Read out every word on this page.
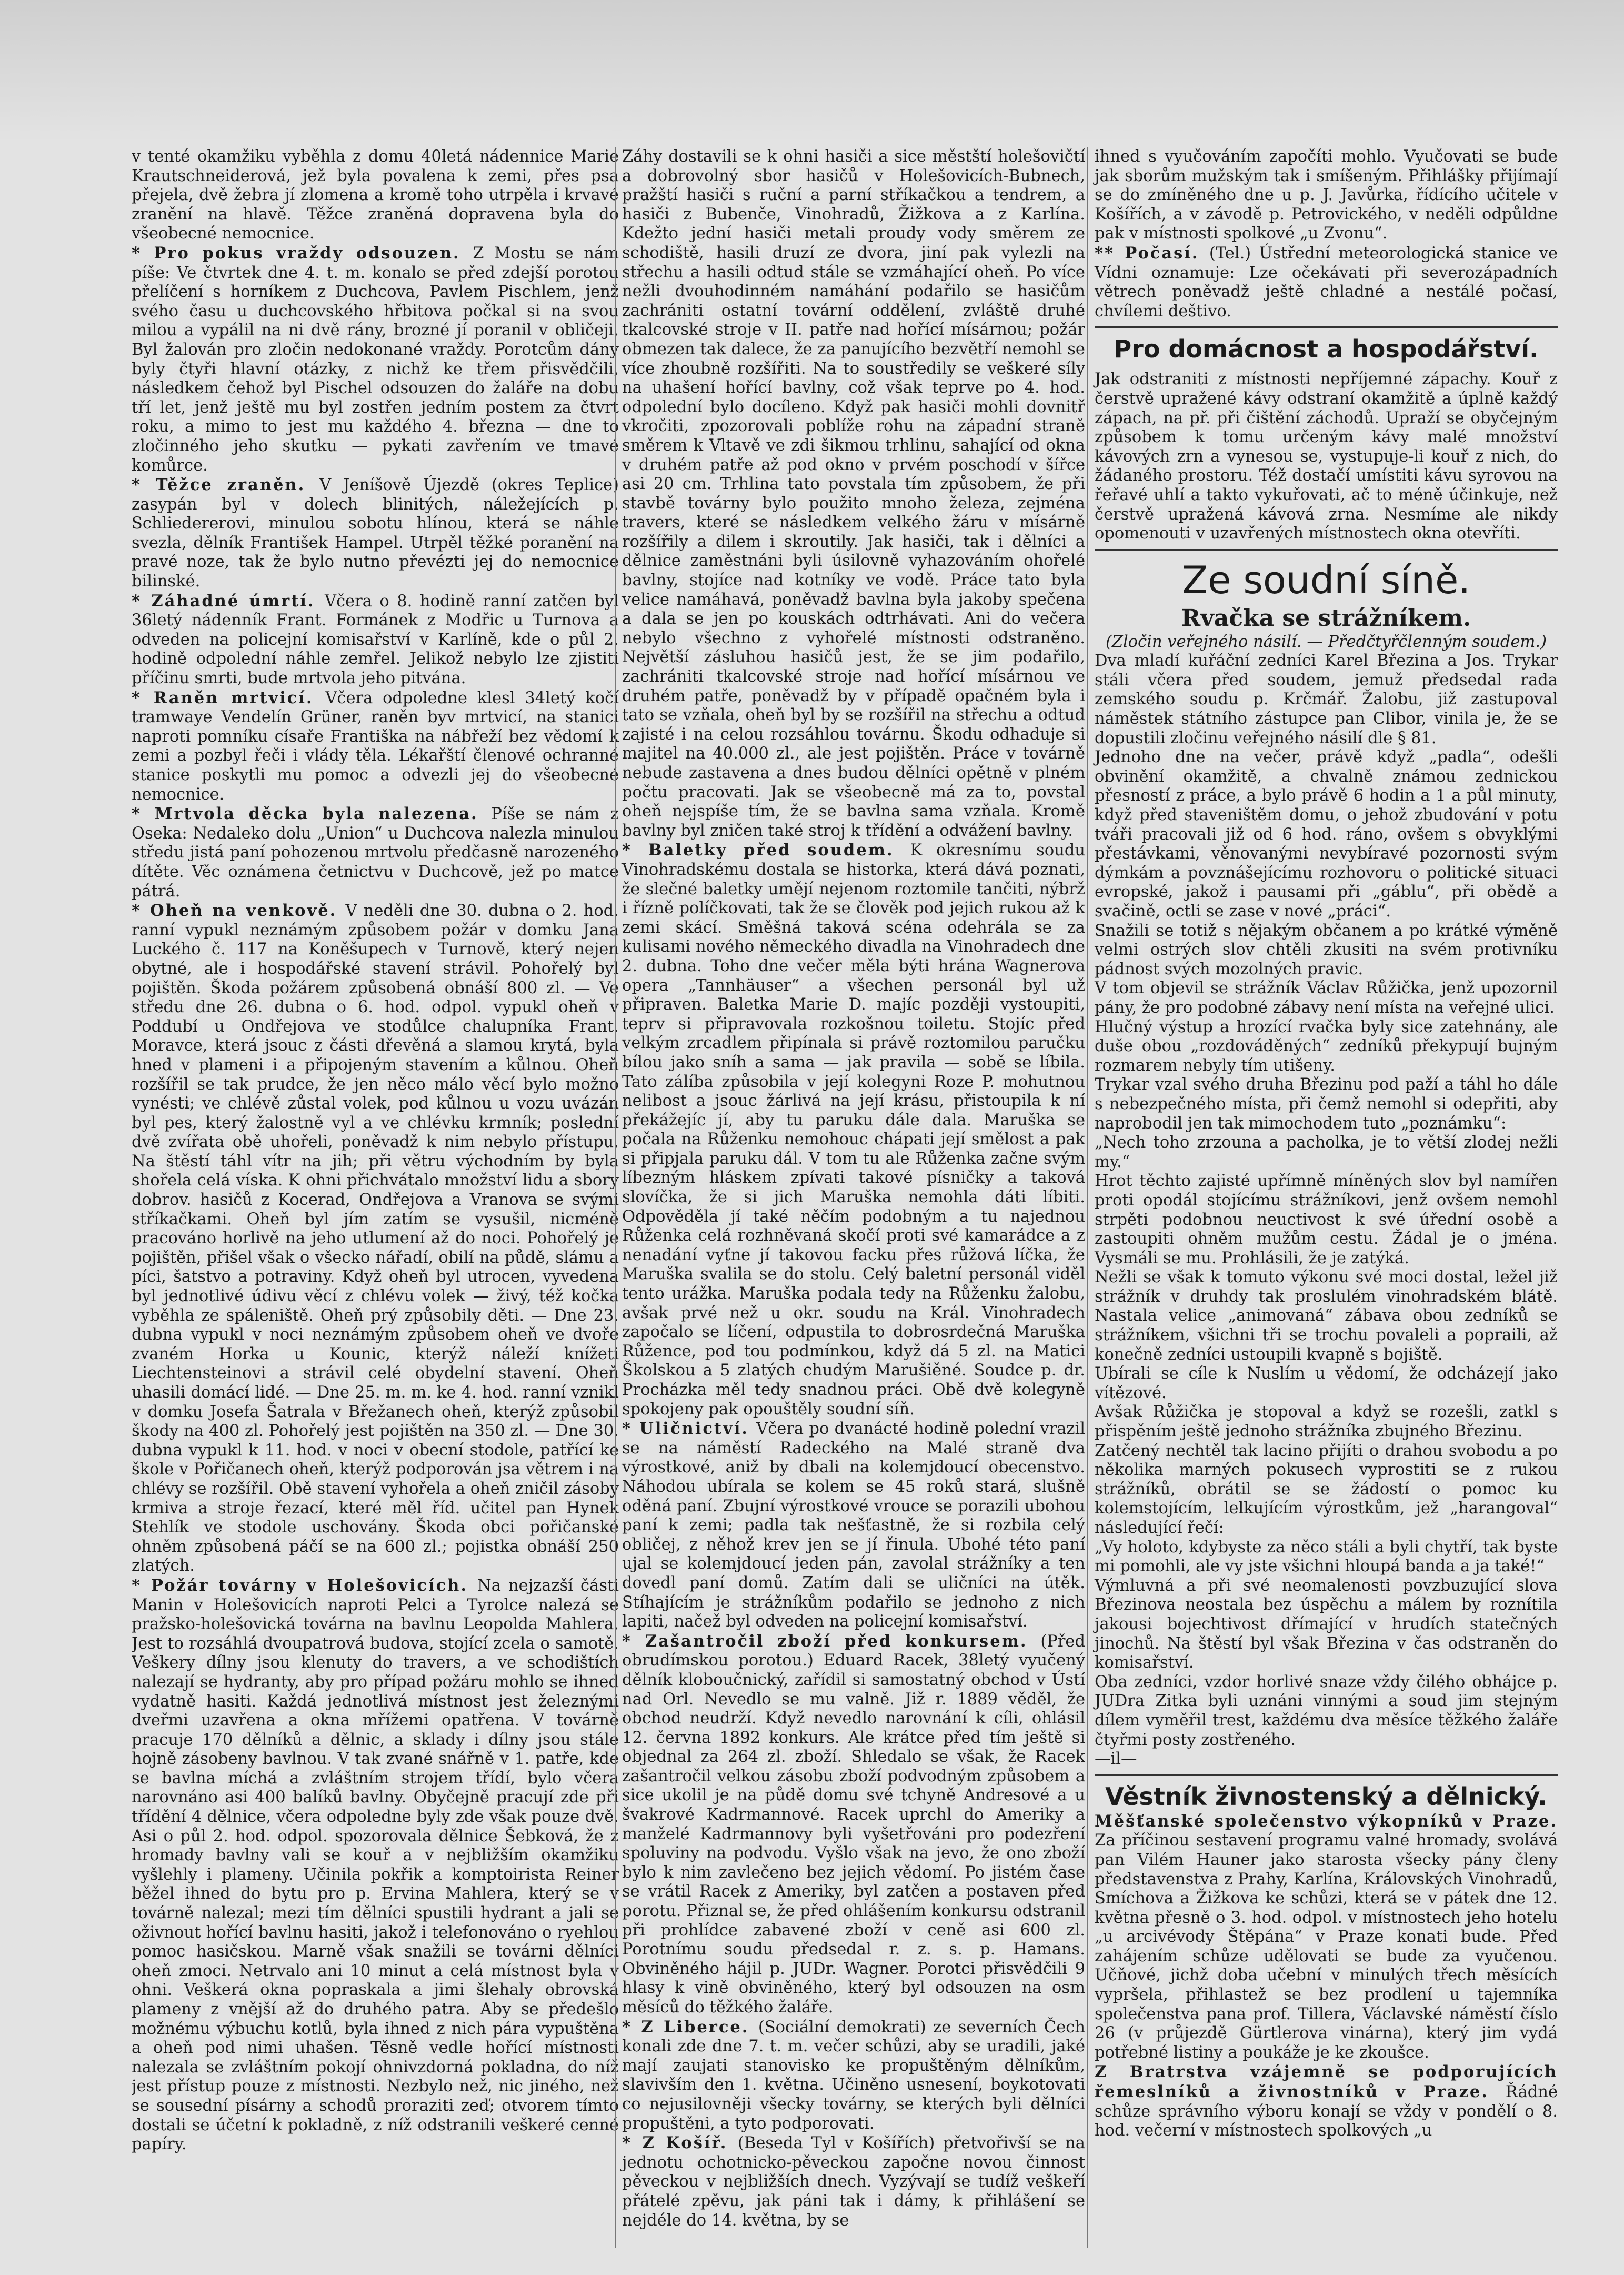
v tenté okamžiku vyběhla z domu 40letá nádennice Marie Krautschneiderová, jež byla povalena k zemi, přes psa přejela, dvě žebra jí zlomena a kromě toho utrpěla i krvavé zranění na hlavě. Těžce zraněná dopravena byla do všeobecné nemocnice.

* Pro pokus vraždy odsouzen. Z Mostu se nám píše: Ve čtvrtek dne 4. t. m. konalo se před zdejší porotou přelíčení s horníkem z Duchcova, Pavlem Pischlem, jenž svého času u duchcovského hřbitova počkal si na svou milou a vypálil na ni dvě rány, brozné jí poranil v obličeji. Byl žalován pro zločin nedokonané vraždy. Porotcům dány byly čtyři hlavní otázky, z nichž ke třem přisvědčili, následkem čehož byl Pischel odsouzen do žaláře na dobu tří let, jenž ještě mu byl zostřen jedním postem za čtvrt roku, a mimo to jest mu každého 4. března — dne to zločinného jeho skutku — pykati zavřením ve tmavé komůrce.

* Těžce zraněn. V Jeníšově Újezdě (okres Teplice) zasypán byl v dolech blinitých, náležejících p. Schliedererovi, minulou sobotu hlínou, která se náhle svezla, dělník František Hampel. Utrpěl těžké poranění na pravé noze, tak že bylo nutno převézti jej do nemocnice bilinské.

* Záhadné úmrtí. Včera o 8. hodině ranní zatčen byl 36letý nádenník Frant. Formánek z Modřic u Turnova a odveden na policejní komisařství v Karlíně, kde o půl 2. hodině odpolední náhle zemřel. Jelikož nebylo lze zjistiti příčinu smrti, bude mrtvola jeho pitvána.

* Raněn mrtvicí. Včera odpoledne klesl 34letý kočí tramwaye Vendelín Grüner, raněn byv mrtvicí, na stanici naproti pomníku císaře Františka na nábřeží bez vědomí k zemi a pozbyl řeči i vlády těla. Lékařští členové ochranné stanice poskytli mu pomoc a odvezli jej do všeobecné nemocnice.

* Mrtvola děcka byla nalezena. Píše se nám z Oseka: Nedaleko dolu „Union“ u Duchcova nalezla minulou středu jistá paní pohozenou mrtvolu předčasně narozeného dítěte. Věc oznámena četnictvu v Duchcově, jež po matce pátrá.

* Oheň na venkově. V neděli dne 30. dubna o 2. hod. ranní vypukl neznámým způsobem požár v domku Jana Luckého č. 117 na Koněšupech v Turnově, který nejen obytné, ale i hospodářské stavení strávil. Pohořelý byl pojištěn. Škoda požárem způsobená obnáší 800 zl. — Ve středu dne 26. dubna o 6. hod. odpol. vypukl oheň v Poddubí u Ondřejova ve stodůlce chalupníka Frant. Moravce, která jsouc z části dřevěná a slamou krytá, byla hned v plameni i a připojeným stavením a kůlnou. Oheň rozšířil se tak prudce, že jen něco málo věcí bylo možno vynésti; ve chlévě zůstal volek, pod kůlnou u vozu uvázán byl pes, který žalostně vyl a ve chlévku krmník; poslední dvě zvířata obě uhořeli, poněvadž k nim nebylo přístupu. Na štěstí táhl vítr na jih; při větru východním by byla shořela celá víska. K ohni přichvátalo množství lidu a sbory dobrov. hasičů z Kocerad, Ondřejova a Vranova se svými stříkačkami. Oheň byl jím zatím se vysušil, nicméně pracováno horlivě na jeho utlumení až do noci. Pohořelý je pojištěn, přišel však o všecko nářadí, obilí na půdě, slámu a píci, šatstvo a potraviny. Když oheň byl utrocen, vyvedena byl jednotlivé údivu věcí z chlévu volek — živý, též kočka vyběhla ze spáleniště. Oheň prý způsobily děti. — Dne 23. dubna vypukl v noci neznámým způsobem oheň ve dvoře zvaném Horka u Kounic, kterýž náleží knížeti Liechtensteinovi a strávil celé obydelní stavení. Oheň uhasili domácí lidé. — Dne 25. m. m. ke 4. hod. ranní vznikl v domku Josefa Šatrala v Břežanech oheň, kterýž způsobil škody na 400 zl. Pohořelý jest pojištěn na 350 zl. — Dne 30. dubna vypukl k 11. hod. v noci v obecní stodole, patřící ke škole v Pořičanech oheň, kterýž podporován jsa větrem i na chlévy se rozšířil. Obě stavení vyhořela a oheň zničil zásoby krmiva a stroje řezací, které měl říd. učitel pan Hynek Stehlík ve stodole uschovány. Škoda obci pořičanské ohněm způsobená páčí se na 600 zl.; pojistka obnáší 250 zlatých.

* Požár továrny v Holešovicích. Na nejzazší části Manin v Holešovicích naproti Pelci a Tyrolce nalezá se pražsko-holešovická továrna na bavlnu Leopolda Mahlera. Jest to rozsáhlá dvoupatrová budova, stojící zcela o samotě. Veškery dílny jsou klenuty do travers, a ve schodištích nalezají se hydranty, aby pro případ požáru mohlo se ihned vydatně hasiti. Každá jednotlivá místnost jest železnými dveřmi uzavřena a okna mřížemi opatřena. V továrně pracuje 170 dělníků a dělnic, a sklady i dílny jsou stále hojně zásobeny bavlnou. V tak zvané snářně v 1. patře, kde se bavlna míchá a zvláštním strojem třídí, bylo včera narovnáno asi 400 balíků bavlny. Obyčejně pracují zde při třídění 4 dělnice, včera odpoledne byly zde však pouze dvě. Asi o půl 2. hod. odpol. spozorovala dělnice Šebková, že z hromady bavlny vali se kouř a v nejbližším okamžiku vyšlehly i plameny. Učinila pokřik a komptoiristа Reiner běžel ihned do bytu pro p. Ervina Mahlera, který se v továrně nalezal; mezi tím dělníci spustili hydrant a jali se oživnout hořící bavlnu hasiti, jakož i telefonováno o ryehlou pomoc hasičskou. Marně však snažili se továrni dělníci oheň zmoci. Netrvalo ani 10 minut a celá místnost byla v ohni. Veškerá okna popraskala a jimi šlehaly obrovská plameny z vnější až do druhého patra. Aby se předešlo možnému výbuchu kotlů, byla ihned z nich pára vypuštěna a oheň pod nimi uhašen. Těsně vedle hořící místnosti nalezala se zvláštním pokojí ohnivzdorná pokladna, do níž jest přístup pouze z místnosti. Nezbylo než, nic jiného, než se sousední písárny a schodů proraziti zeď; otvorem tímto dostali se účetní k pokladně, z níž odstranili veškeré cenné papíry.

Záhy dostavili se k ohni hasiči a sice městští holešovičtí a dobrovolný sbor hasičů v Holešovicích-Bubnech, pražští hasiči s ruční a parní stříkačkou a tendrem, a hasiči z Bubenče, Vinohradů, Žižkova a z Karlína. Kdežto jední hasiči metali proudy vody směrem ze schodiště, hasili druzí ze dvora, jiní pak vylezli na střechu a hasili odtud stále se vzmáhající oheň. Po více nežli dvouhodinném namáhání podařilo se hasičům zachrániti ostatní tovární oddělení, zvláště druhé tkalcovské stroje v II. patře nad hořící mísárnou; požár obmezen tak dalece, že za panujícího bezvětří nemohl se více zhoubně rozšířiti. Na to soustředily se veškeré síly na uhašení hořící bavlny, což však teprve po 4. hod. odpolední bylo docíleno. Když pak hasiči mohli dovnitř vkročiti, zpozorovali poblíže rohu na západní straně směrem k Vltavě ve zdi šikmou trhlinu, sahající od okna v druhém patře až pod okno v prvém poschodí v šířce asi 20 cm. Trhlina tato povstala tím způsobem, že při stavbě továrny bylo použito mnoho železa, zejména travers, které se následkem velkého žáru v mísárně rozšířily a dilem i skroutily. Jak hasiči, tak i dělníci a dělnice zaměstnáni byli úsilovně vyhazováním ohořelé bavlny, stojíce nad kotníky ve vodě. Práce tato byla velice namáhavá, poněvadž bavlna byla jakoby spečena a dala se jen po kouskách odtrhávati. Ani do večera nebylo všechno z vyhořelé místnosti odstraněno. Největší zásluhou hasičů jest, že se jim podařilo, zachrániti tkalcovské stroje nad hořící mísárnou ve druhém patře, poněvadž by v případě opačném byla i tato se vzňala, oheň byl by se rozšířil na střechu a odtud zajisté i na celou rozsáhlou továrnu. Škodu odhaduje si majitel na 40.000 zl., ale jest pojištěn. Práce v továrně nebude zastavena a dnes budou dělníci opětně v plném počtu pracovati. Jak se všeobecně má za to, povstal oheň nejspíše tím, že se bavlna sama vzňala. Kromě bavlny byl zničen také stroj k třídění a odvážení bavlny.

* Baletky před soudem. K okresnímu soudu Vinohradskému dostala se historka, která dává poznati, že slečné baletky umějí nejenom roztomile tančiti, nýbrž i řízně políčkovati, tak že se člověk pod jejich rukou až k zemi skácí. Směšná taková scéna odehrála se za kulisami nového německého divadla na Vinohradech dne 2. dubna. Toho dne večer měla býti hrána Wagnerova opera „Tannhäuser“ a všechen personál byl už připraven. Baletka Marie D. majíc později vystoupiti, teprv si připravovala rozkošnou toiletu. Stojíc před velkým zrcadlem připínala si právě roztomilou paručku bílou jako sníh a sama — jak pravila — sobě se líbila. Tato zálíba způsobila v její kolegyni Roze P. mohutnou nelibost a jsouc žárlivá na její krásu, přistoupila k ní překážejíc jí, aby tu paruku dále dala. Maruška se počala na Růženku nemohouc chápati její smělost a pak si připjala paruku dál. V tom tu ale Růženka začne svým líbezným hláskem zpívati takové písničky a taková slovíčka, že si jich Maruška nemohla dáti líbiti. Odpověděla jí také něčím podobným a tu najednou Růženka celá rozhněvaná skočí proti své kamarádce a z nenadání vyťne jí takovou facku přes růžová líčka, že Maruška svalila se do stolu. Celý baletní personál viděl tento urážka. Maruška podala tedy na Růženku žalobu, avšak prvé než u okr. soudu na Král. Vinohradech započalo se líčení, odpustila to dobrosrdečná Maruška Růžence, pod tou podmínkou, když dá 5 zl. na Matici Školskou a 5 zlatých chudým Marušiěné. Soudce p. dr. Procházka měl tedy snadnou práci. Obě dvě kolegyně spokojeny pak opouštěly soudní síň.

* Uličnictví. Včera po dvanácté hodině polední vrazil se na náměstí Radeckého na Malé straně dva výrostkové, aniž by dbali na kolemjdoucí obecenstvo. Náhodou ubírala se kolem se 45 roků stará, slušně oděná paní. Zbujní výrostkové vrouce se porazili ubohou paní k zemi; padla tak nešťastně, že si rozbila celý obličej, z něhož krev jen se jí řinula. Ubohé této paní ujal se kolemjdoucí jeden pán, zavolal strážníky a ten dovedl paní domů. Zatím dali se uličníci na útěk. Stíhajícím je strážníkům podařilo se jednoho z nich lapiti, načež byl odveden na policejní komisařství.

* Zašantročil zboží před konkursem. (Před obrudímskou porotou.) Eduard Racek, 38letý vyučený dělník kloboučnický, zařídil si samostatný obchod v Ústí nad Orl. Nevedlo se mu valně. Již r. 1889 věděl, že obchod neudrží. Když nevedlo narovnání k cíli, ohlásil 12. června 1892 konkurs. Ale krátce před tím ještě si objednal za 264 zl. zboží. Shledalo se však, že Racek zašantročil velkou zásobu zboží podvodným způsobem a sice ukolil je na půdě domu své tchyně Andresové a u švakrové Kadrmannové. Racek uprchl do Ameriky a manželé Kadrmannovy byli vyšetřováni pro podezření spoluviny na podvodu. Vyšlo však na jevo, že ono zboží bylo k nim zavlečeno bez jejich vědomí. Po jistém čase se vrátil Racek z Ameriky, byl zatčen a postaven před porotu. Přiznal se, že před ohlášením konkursu odstranil při prohlídce zabavené zboží v ceně asi 600 zl. Porotnímu soudu předsedal r. z. s. p. Hamans. Obviněného hájil p. JUDr. Wagner. Porotci přisvědčili 9 hlasy k vině obviněného, který byl odsouzen na osm měsíců do těžkého žaláře.

* Z Liberce. (Sociální demokrati) ze severních Čech konali zde dne 7. t. m. večer schůzi, aby se uradili, jaké mají zaujati stanovisko ke propuštěným dělníkům, slavivším den 1. května. Učiněno usnesení, boykotovati co nejusilovněji všecky továrny, se kterých byli dělníci propuštěni, a tyto podporovati.

* Z Košíř. (Beseda Tyl v Košířích) přetvořivší se na jednotu ochotnicko-pěveckou započne novou činnost pěveckou v nejbližších dnech. Vyzývají se tudíž veškeří přátelé zpěvu, jak páni tak i dámy, k přihlášení se nejdéle do 14. května, by se

ihned s vyučováním započíti mohlo. Vyučovati se bude jak sborům mužským tak i smíšeným. Přihlášky přijímají se do zmíněného dne u p. J. Javůrka, řídícího učitele v Košířích, a v závodě p. Petrovického, v neděli odpůldne pak v místnosti spolkové „u Zvonu“.

** Počasí. (Tel.) Ústřední meteorologická stanice ve Vídni oznamuje: Lze očekávati při severozápadních větrech poněvadž ještě chladné a nestálé počasí, chvílemi deštivo.

Pro domácnost a hospodářství.

Jak odstraniti z místnosti nepříjemné zápachy. Kouř z čerstvě upražené kávy odstraní okamžitě a úplně každý zápach, na př. při čištění záchodů. Upraží se obyčejným způsobem k tomu určeným kávy malé množství kávových zrn a vynesou se, vystupuje-li kouř z nich, do žádaného prostoru. Též dostačí umístiti kávu syrovou na řeřavé uhlí a takto vykuřovati, ač to méně účinkuje, než čerstvě upražená kávová zrna. Nesmíme ale nikdy opomenouti v uzavřených místnostech okna otevříti.

Ze soudní síně.
Rvačka se strážníkem.
(Zločin veřejného násilí. — Předčtyřčlenným soudem.)

Dva mladí kuřáční zedníci Karel Březina a Jos. Trykar stáli včera před soudem, jemuž předsedal rada zemského soudu p. Krčmář. Žalobu, již zastupoval náměstek státního zástupce pan Clibor, vinila je, že se dopustili zločinu veřejného násilí dle § 81.

Jednoho dne na večer, právě když „padla“, odešli obvinění okamžitě, a chvalně známou zednickou přesností z práce, a bylo právě 6 hodin a 1 a půl minuty, když před staveništěm domu, o jehož zbudování v potu tváři pracovali již od 6 hod. ráno, ovšem s obvyklými přestávkami, věnovanými nevybíravé pozornosti svým dýmkám a povznášejícímu rozhovoru o politické situaci evropské, jakož i pausami při „gáblu“, při obědě a svačině, octli se zase v nové „práci“.

Snažili se totiž s nějakým občanem a po krátké výměně velmi ostrých slov chtěli zkusiti na svém protivníku pádnost svých mozolných pravic.

V tom objevil se strážník Václav Růžička, jenž upozornil pány, že pro podobné zábavy není místa na veřejné ulici.

Hlučný výstup a hrozící rvačka byly sice zatehnány, ale duše obou „rozdováděných“ zedníků překypují bujným rozmarem nebyly tím utišeny.

Trykar vzal svého druha Březinu pod paží a táhl ho dále s nebezpečného místa, při čemž nemohl si odepřiti, aby naprobodil jen tak mimochodem tuto „poznámku“:

„Nech toho zrzouna a pacholka, je to větší zlodej nežli my.“

Hrot těchto zajisté upřímně míněných slov byl namířen proti opodál stojícímu strážníkovi, jenž ovšem nemohl strpěti podobnou neuctivost k své úřední osobě a zastoupiti ohněm mužům cestu. Žádal je o jména. Vysmáli se mu. Prohlásili, že je zatýká.

Nežli se však k tomuto výkonu své moci dostal, ležel již strážník v druhdy tak proslulém vinohradském blátě. Nastala velice „animovaná“ zábava obou zedníků se strážníkem, všichni tři se trochu povaleli a popraili, až konečně zedníci ustoupili kvapně s bojiště.

Ubírali se cíle k Nuslím u vědomí, že odcházejí jako vítězové.

Avšak Růžička je stopoval a když se rozešli, zatkl s přispěním ještě jednoho strážníka zbujného Březinu.

Zatčený nechtěl tak lacino přijíti o drahou svobodu a po několika marných pokusech vyprostiti se z rukou strážníků, obrátil se se žádostí o pomoc ku kolemstojícím, lelkujícím výrostkům, jež „harangoval“ následující řečí:

„Vy holoto, kdybyste za něco stáli a byli chytří, tak byste mi pomohli, ale vy jste všichni hloupá banda a ja také!“

Výmluvná a při své neomalenosti povzbuzující slova Březinova neostala bez úspěchu a málem by roznítila jakousi bojechtivost dřímající v hrudích statečných jinochů. Na štěstí byl však Březina v čas odstraněn do komisařství.

Oba zedníci, vzdor horlivé snaze vždy čilého obhájce p. JUDra Zitka byli uznáni vinnými a soud jim stejným dílem vyměřil trest, každému dva měsíce těžkého žaláře čtyřmi posty zostřeného.

—il—

Věstník živnostenský a dělnický.

Měšťanské společenstvo výkopníků v Praze. Za příčinou sestavení programu valné hromady, svolává pan Vilém Hauner jako starosta všecky pány členy představenstva z Prahy, Karlína, Královských Vinohradů, Smíchova a Žižkova ke schůzi, která se v pátek dne 12. května přesně o 3. hod. odpol. v místnostech jeho hotelu „u arcivévody Štěpána“ v Praze konati bude. Před zahájením schůze udělovati se bude za vyučenou. Učňové, jichž doba učební v minulých třech měsících vypršela, přihlastež se bez prodlení u tajemníka společenstva pana prof. Tillera, Václavské náměstí číslo 26 (v průjezdě Gürtlerova vinárna), který jim vydá potřebné listiny a poukáže je ke zkoušce.

Z Bratrstva vzájemně se podporujících řemeslníků a živnostníků v Praze. Řádné schůze správního výboru konají se vždy v pondělí o 8. hod. večerní v místnostech spolkových „u
